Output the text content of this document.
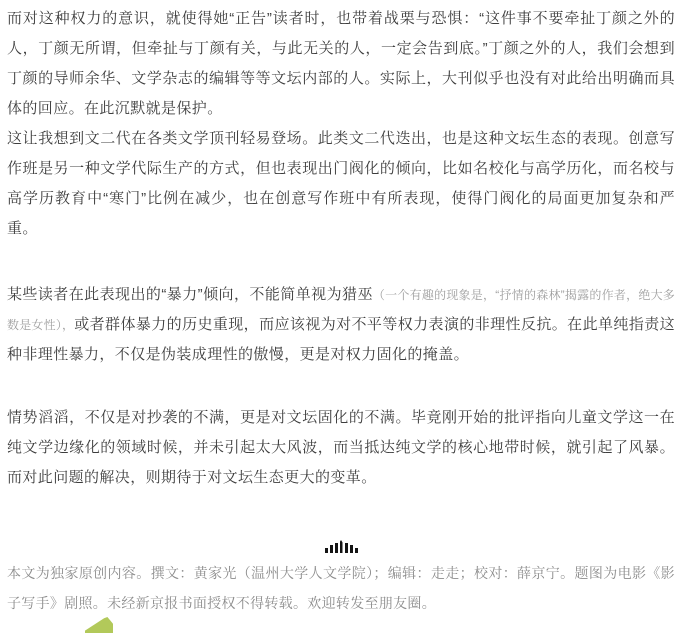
而对这种权力的意识，就使得她“正告”读者时，也带着战栗与恐惧：“这件事不要牵扯丁颜之外的人，丁颜无所谓，但牵扯与丁颜有关，与此无关的人，一定会告到底。”丁颜之外的人，我们会想到丁颜的导师余华、文学杂志的编辑等等文坛内部的人。实际上，大刊似乎也没有对此给出明确而具体的回应。在此沉默就是保护。

这让我想到文二代在各类文学顶刊轻易登场。此类文二代迭出，也是这种文坛生态的表现。创意写作班是另一种文学代际生产的方式，但也表现出门阀化的倾向，比如名校化与高学历化，而名校与高学历教育中“寒门”比例在减少，也在创意写作班中有所表现，使得门阀化的局面更加复杂和严重。

某些读者在此表现出的“暴力”倾向，不能简单视为猎巫（一个有趣的现象是，“抒情的森林”揭露的作者，绝大多数是女性），或者群体暴力的历史重现，而应该视为对不平等权力表演的非理性反抗。在此单纯指责这种非理性暴力，不仅是伪装成理性的傲慢，更是对权力固化的掩盖。

情势滔滔，不仅是对抄袭的不满，更是对文坛固化的不满。毕竟刚开始的批评指向儿童文学这一在纯文学边缘化的领域时候，并未引起太大风波，而当抵达纯文学的核心地带时候，就引起了风暴。而对此问题的解决，则期待于对文坛生态更大的变革。

本文为独家原创内容。撰文：黄家光（温州大学人文学院）；编辑：走走；校对：薛京宁。题图为电影《影子写手》剧照。未经新京报书面授权不得转载。欢迎转发至朋友圈。
